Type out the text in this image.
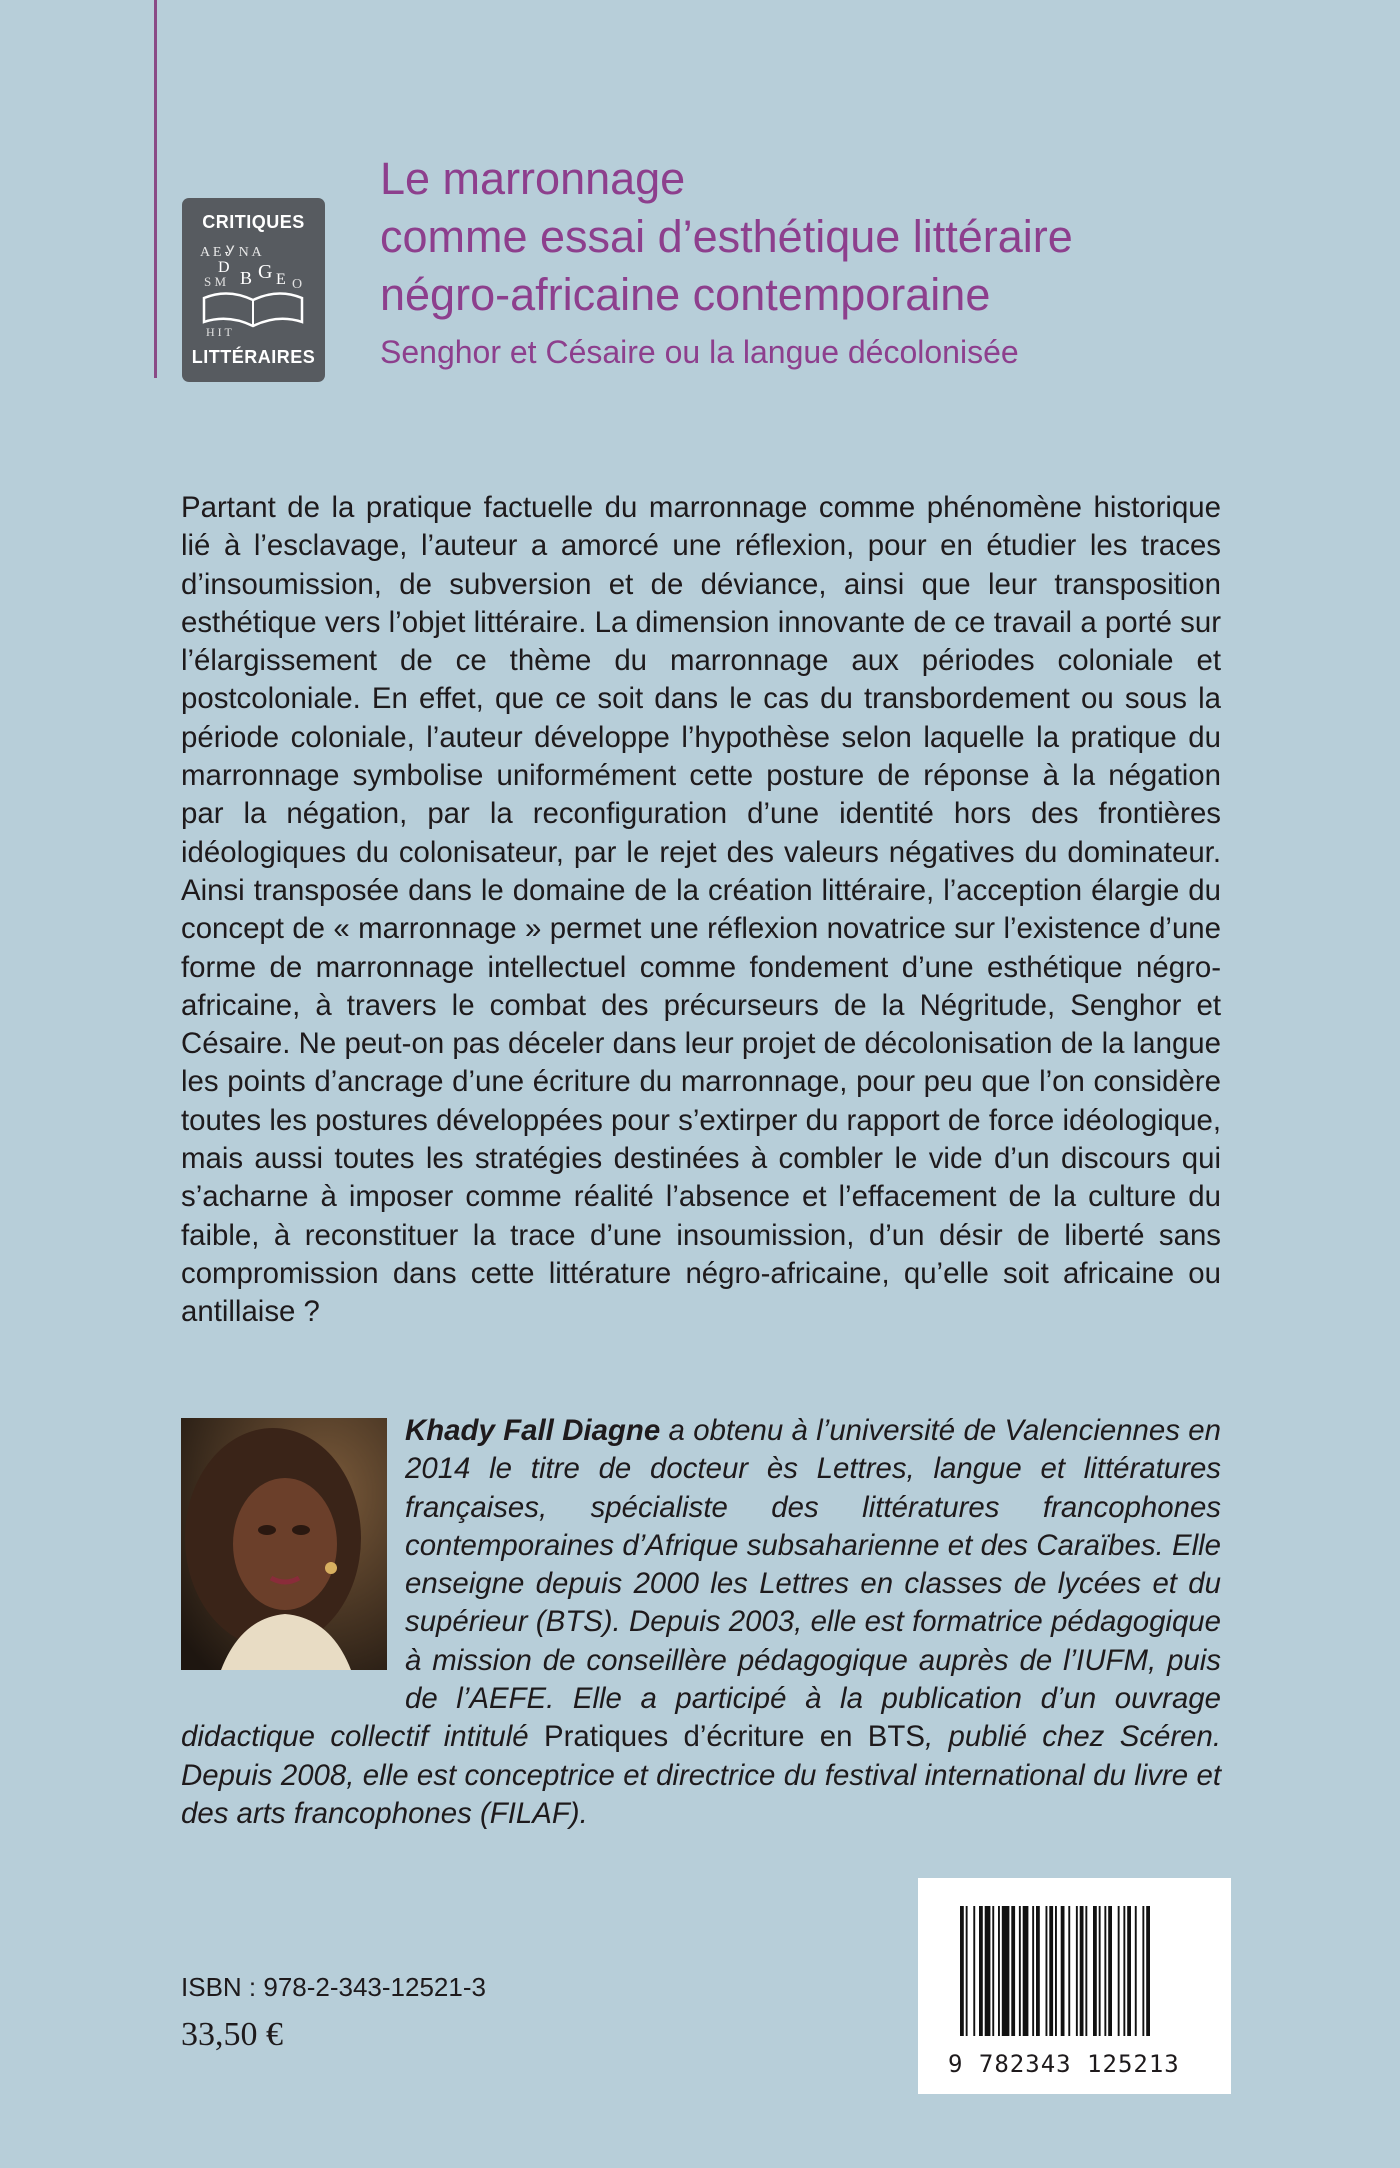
CRITIQUES
A E Ꮍ N A
D
S M B G E O
H I T
LITTÉRAIRES
Le marronnage
comme essai d’esthétique littéraire
négro-africaine contemporaine
Senghor et Césaire ou la langue décolonisée

Partant de la pratique factuelle du marronnage comme phénomène historique lié à l’esclavage, l’auteur a amorcé une réflexion, pour en étudier les traces d’insoumission, de subversion et de déviance, ainsi que leur transposition esthétique vers l’objet littéraire. La dimension innovante de ce travail a porté sur l’élargissement de ce thème du marronnage aux périodes coloniale et postcoloniale. En effet, que ce soit dans le cas du transbordement ou sous la période coloniale, l’auteur développe l’hypothèse selon laquelle la pratique du marronnage symbolise uniformément cette posture de réponse à la négation par la négation, par la reconfiguration d’une identité hors des frontières idéologiques du colonisateur, par le rejet des valeurs négatives du dominateur. Ainsi transposée dans le domaine de la création littéraire, l’acception élargie du concept de « marronnage » permet une réflexion novatrice sur l’existence d’une forme de marronnage intellectuel comme fondement d’une esthétique négro-africaine, à travers le combat des précurseurs de la Négritude, Senghor et Césaire. Ne peut-on pas déceler dans leur projet de décolonisation de la langue les points d’ancrage d’une écriture du marronnage, pour peu que l’on considère toutes les postures développées pour s’extirper du rapport de force idéologique, mais aussi toutes les stratégies destinées à combler le vide d’un discours qui s’acharne à imposer comme réalité l’absence et l’effacement de la culture du faible, à reconstituer la trace d’une insoumission, d’un désir de liberté sans compromission dans cette littérature négro-africaine, qu’elle soit africaine ou antillaise ?

Khady Fall Diagne a obtenu à l’université de Valenciennes en 2014 le titre de docteur ès Lettres, langue et littératures françaises, spécialiste des littératures francophones contemporaines d’Afrique subsaharienne et des Caraïbes. Elle enseigne depuis 2000 les Lettres en classes de lycées et du supérieur (BTS). Depuis 2003, elle est formatrice pédagogique à mission de conseillère pédagogique auprès de l’IUFM, puis de l’AEFE. Elle a participé à la publication d’un ouvrage didactique collectif intitulé Pratiques d’écriture en BTS, publié chez Scéren. Depuis 2008, elle est conceptrice et directrice du festival international du livre et des arts francophones (FILAF).
ISBN : 978-2-343-12521-3
33,50 €
9 782343 125213
